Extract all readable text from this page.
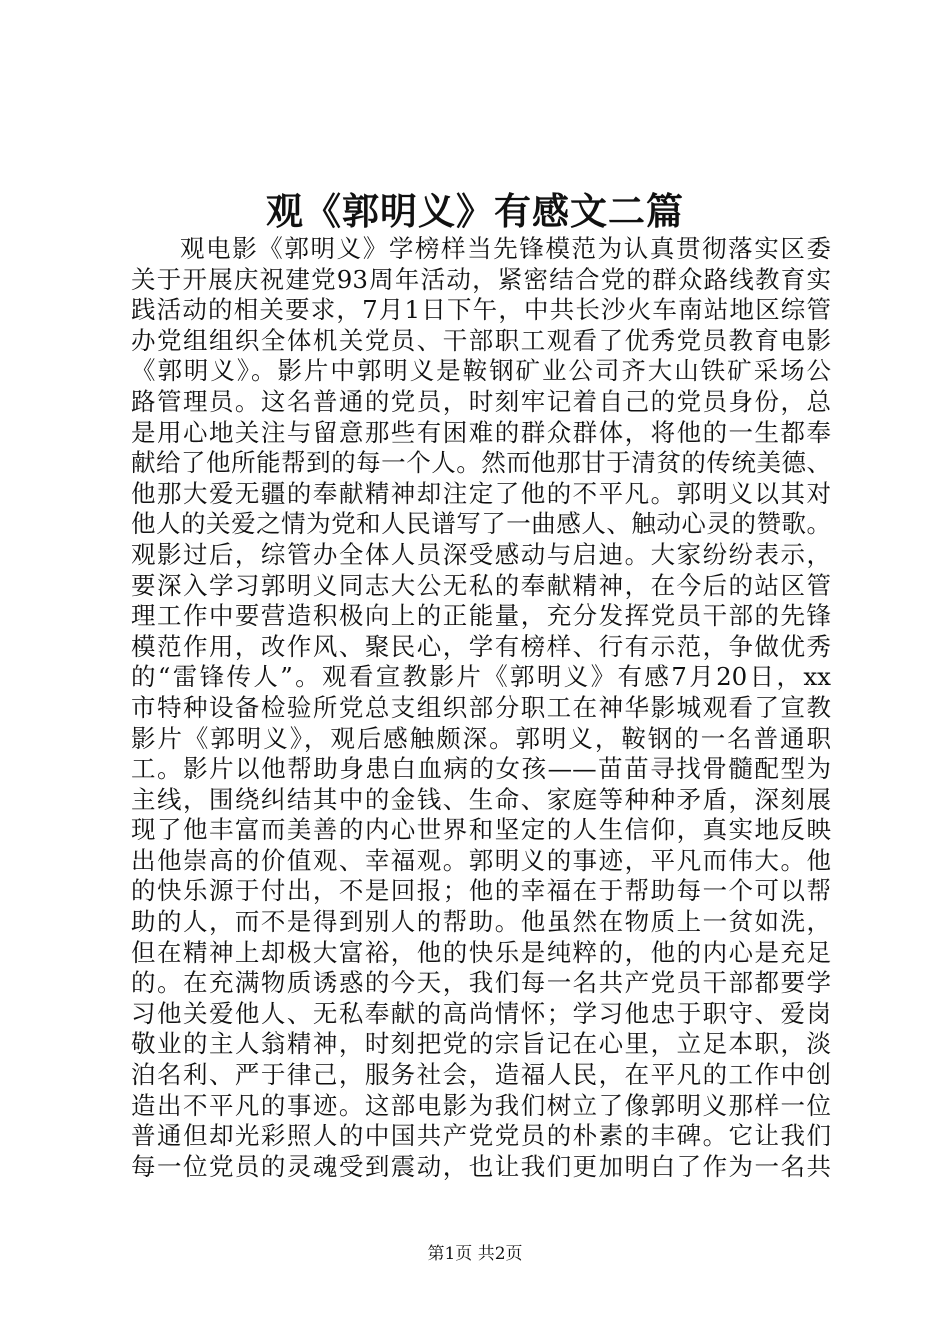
观《郭明义》有感文二篇
观电影《郭明义》学榜样当先锋模范为认真贯彻落实区委
关于开展庆祝建党93周年活动，紧密结合党的群众路线教育实
践活动的相关要求，7月1日下午，中共长沙火车南站地区综管
办党组组织全体机关党员、干部职工观看了优秀党员教育电影
《郭明义》。影片中郭明义是鞍钢矿业公司齐大山铁矿采场公
路管理员。这名普通的党员，时刻牢记着自己的党员身份，总
是用心地关注与留意那些有困难的群众群体，将他的一生都奉
献给了他所能帮到的每一个人。然而他那甘于清贫的传统美德、
他那大爱无疆的奉献精神却注定了他的不平凡。郭明义以其对
他人的关爱之情为党和人民谱写了一曲感人、触动心灵的赞歌。
观影过后，综管办全体人员深受感动与启迪。大家纷纷表示，
要深入学习郭明义同志大公无私的奉献精神，在今后的站区管
理工作中要营造积极向上的正能量，充分发挥党员干部的先锋
模范作用，改作风、聚民心，学有榜样、行有示范，争做优秀
的“雷锋传人”。观看宣教影片《郭明义》有感7月20日，xx
市特种设备检验所党总支组织部分职工在神华影城观看了宣教
影片《郭明义》，观后感触颇深。郭明义，鞍钢的一名普通职
工。影片以他帮助身患白血病的女孩——苗苗寻找骨髓配型为
主线，围绕纠结其中的金钱、生命、家庭等种种矛盾，深刻展
现了他丰富而美善的内心世界和坚定的人生信仰，真实地反映
出他崇高的价值观、幸福观。郭明义的事迹，平凡而伟大。他
的快乐源于付出，不是回报；他的幸福在于帮助每一个可以帮
助的人，而不是得到别人的帮助。他虽然在物质上一贫如洗，
但在精神上却极大富裕，他的快乐是纯粹的，他的内心是充足
的。在充满物质诱惑的今天，我们每一名共产党员干部都要学
习他关爱他人、无私奉献的高尚情怀；学习他忠于职守、爱岗
敬业的主人翁精神，时刻把党的宗旨记在心里，立足本职，淡
泊名利、严于律己，服务社会，造福人民，在平凡的工作中创
造出不平凡的事迹。这部电影为我们树立了像郭明义那样一位
普通但却光彩照人的中国共产党党员的朴素的丰碑。它让我们
每一位党员的灵魂受到震动，也让我们更加明白了作为一名共
第1页 共2页
